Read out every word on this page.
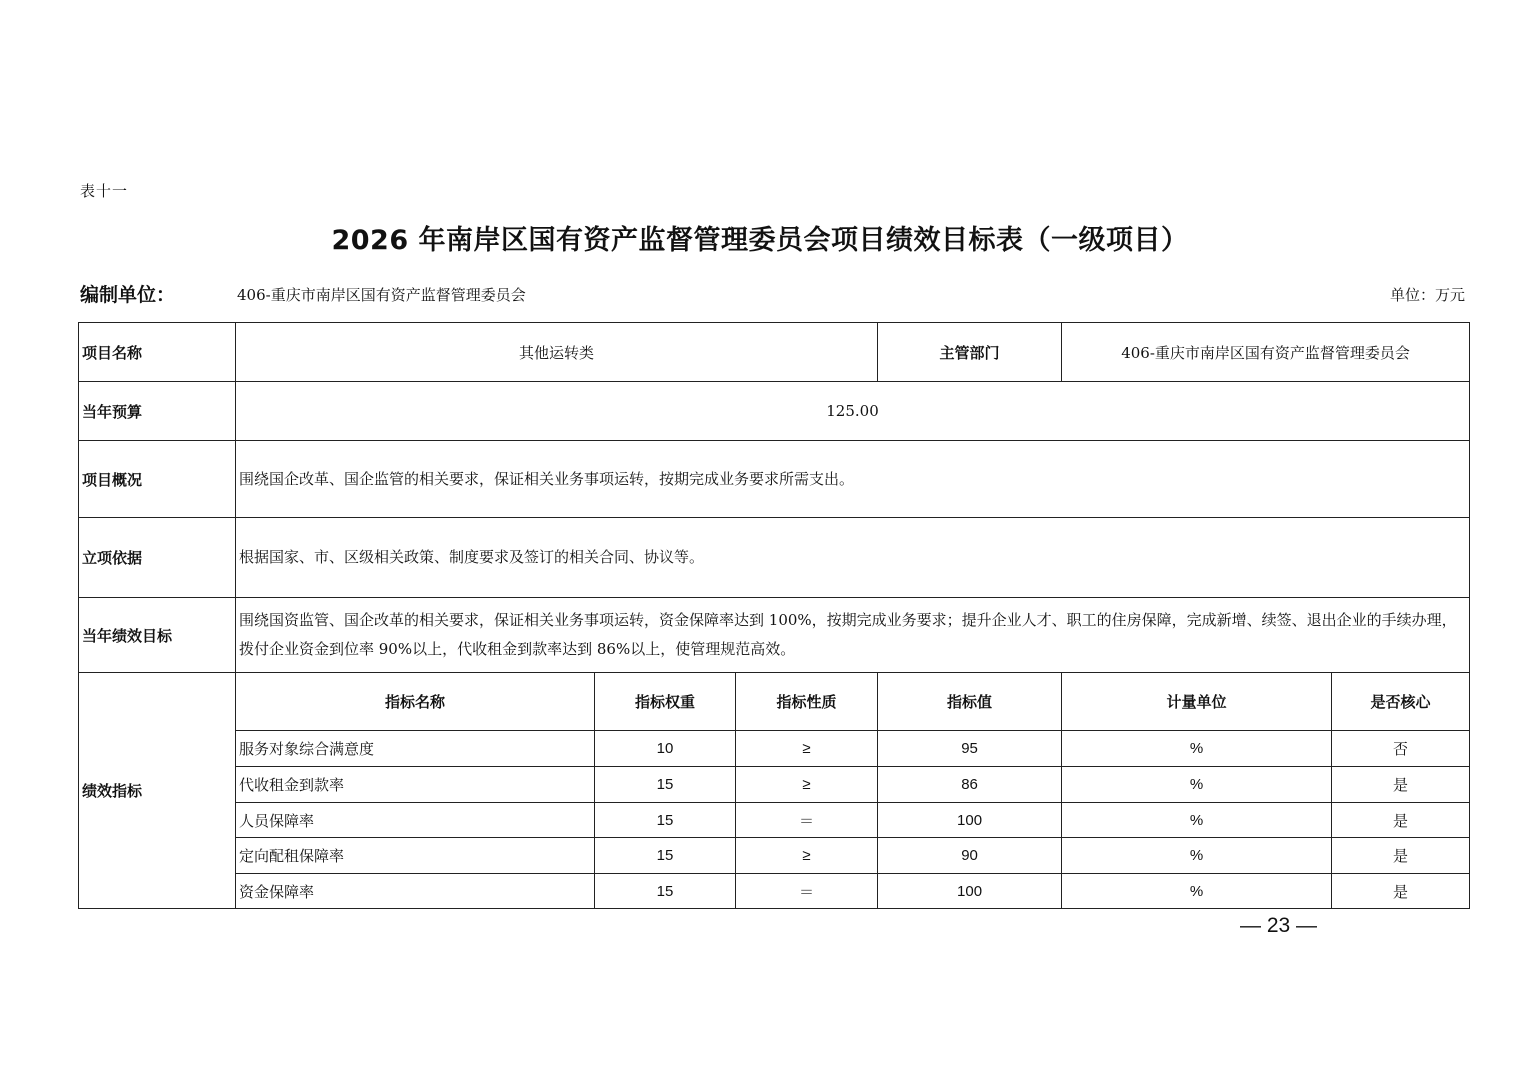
表十一
2026 年南岸区国有资产监督管理委员会项目绩效目标表（一级项目）
编制单位：	406-重庆市南岸区国有资产监督管理委员会	单位：万元
项目名称	其他运转类			主管部门	406-重庆市南岸区国有资产监督管理委员会	
当年预算	125.00					
项目概况	围绕国企改革、国企监管的相关要求，保证相关业务事项运转，按期完成业务要求所需支出。					
立项依据	根据国家、市、区级相关政策、制度要求及签订的相关合同、协议等。					
当年绩效目标	围绕国资监管、国企改革的相关要求，保证相关业务事项运转，资金保障率达到 100%，按期完成业务要求；提升企业人才、职工的住房保障，完成新增、续签、退出企业的手续办理，拨付企业资金到位率 90%以上，代收租金到款率达到 86%以上，使管理规范高效。					
绩效指标	指标名称	指标权重	指标性质	指标值	计量单位	是否核心
	服务对象综合满意度	10	≥	95	%	否
	代收租金到款率	15	≥	86	%	是
	人员保障率	15	＝	100	%	是
	定向配租保障率	15	≥	90	%	是
	资金保障率	15	＝	100	%	是
— 23 —
